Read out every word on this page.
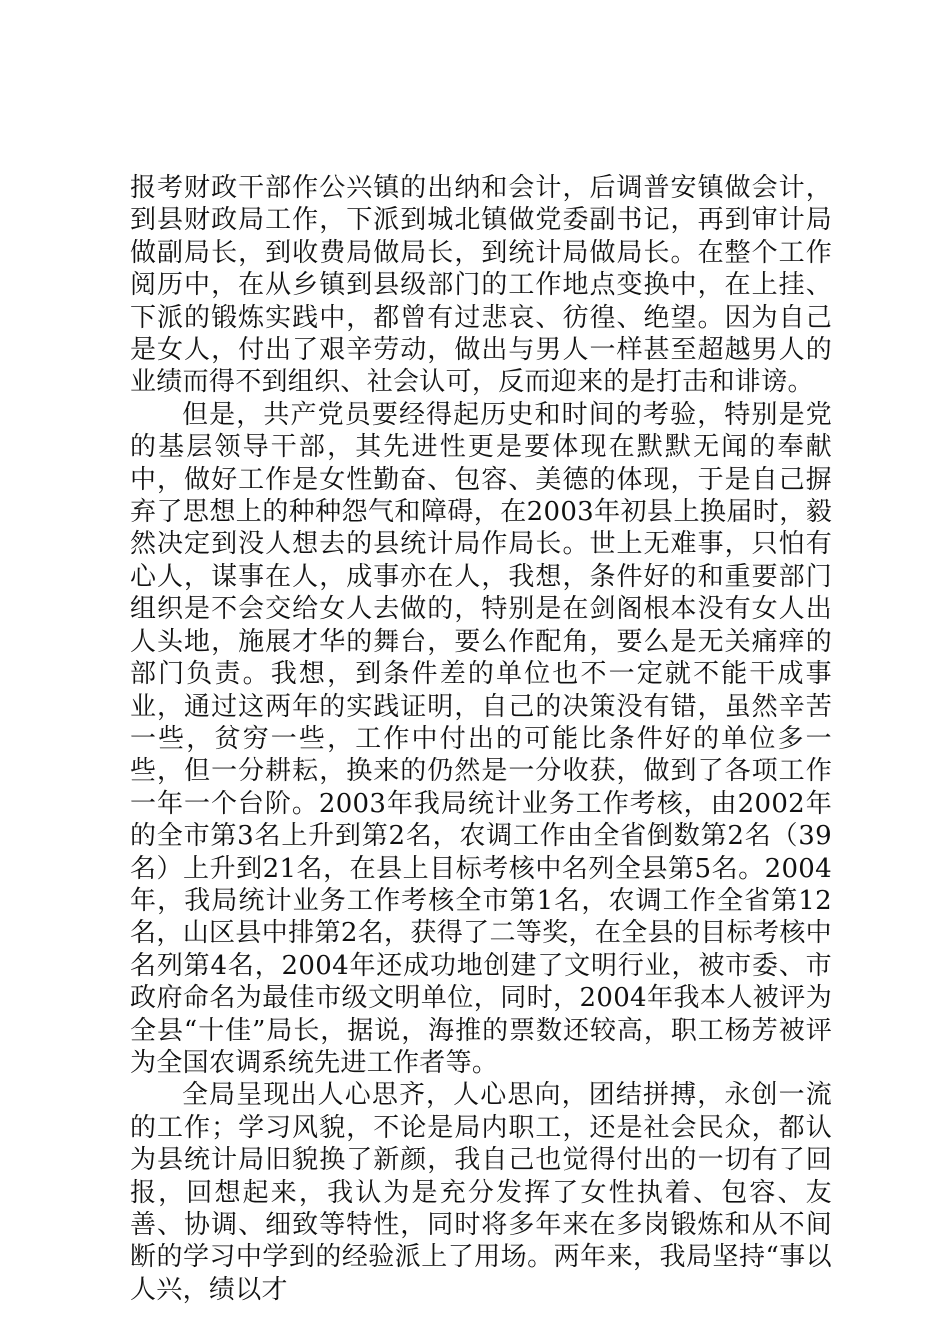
报考财政干部作公兴镇的出纳和会计，后调普安镇做会计，到县财政局工作，下派到城北镇做党委副书记，再到审计局做副局长，到收费局做局长，到统计局做局长。在整个工作阅历中，在从乡镇到县级部门的工作地点变换中，在上挂、下派的锻炼实践中，都曾有过悲哀、彷徨、绝望。因为自己是女人，付出了艰辛劳动，做出与男人一样甚至超越男人的业绩而得不到组织、社会认可，反而迎来的是打击和诽谤。

但是，共产党员要经得起历史和时间的考验，特别是党的基层领导干部，其先进性更是要体现在默默无闻的奉献中，做好工作是女性勤奋、包容、美德的体现，于是自己摒弃了思想上的种种怨气和障碍，在2003年初县上换届时，毅然决定到没人想去的县统计局作局长。世上无难事，只怕有心人，谋事在人，成事亦在人，我想，条件好的和重要部门组织是不会交给女人去做的，特别是在剑阁根本没有女人出人头地，施展才华的舞台，要么作配角，要么是无关痛痒的部门负责。我想，到条件差的单位也不一定就不能干成事业，通过这两年的实践证明，自己的决策没有错，虽然辛苦一些，贫穷一些，工作中付出的可能比条件好的单位多一些，但一分耕耘，换来的仍然是一分收获，做到了各项工作一年一个台阶。2003年我局统计业务工作考核，由2002年的全市第3名上升到第2名，农调工作由全省倒数第2名（39名）上升到21名，在县上目标考核中名列全县第5名。2004年，我局统计业务工作考核全市第1名，农调工作全省第12名，山区县中排第2名，获得了二等奖，在全县的目标考核中名列第4名，2004年还成功地创建了文明行业，被市委、市政府命名为最佳市级文明单位，同时，2004年我本人被评为全县“十佳”局长，据说，海推的票数还较高，职工杨芳被评为全国农调系统先进工作者等。

全局呈现出人心思齐，人心思向，团结拼搏，永创一流的工作；学习风貌，不论是局内职工，还是社会民众，都认为县统计局旧貌换了新颜，我自己也觉得付出的一切有了回报，回想起来，我认为是充分发挥了女性执着、包容、友善、协调、细致等特性，同时将多年来在多岗锻炼和从不间断的学习中学到的经验派上了用场。两年来，我局坚持“事以人兴，绩以才
